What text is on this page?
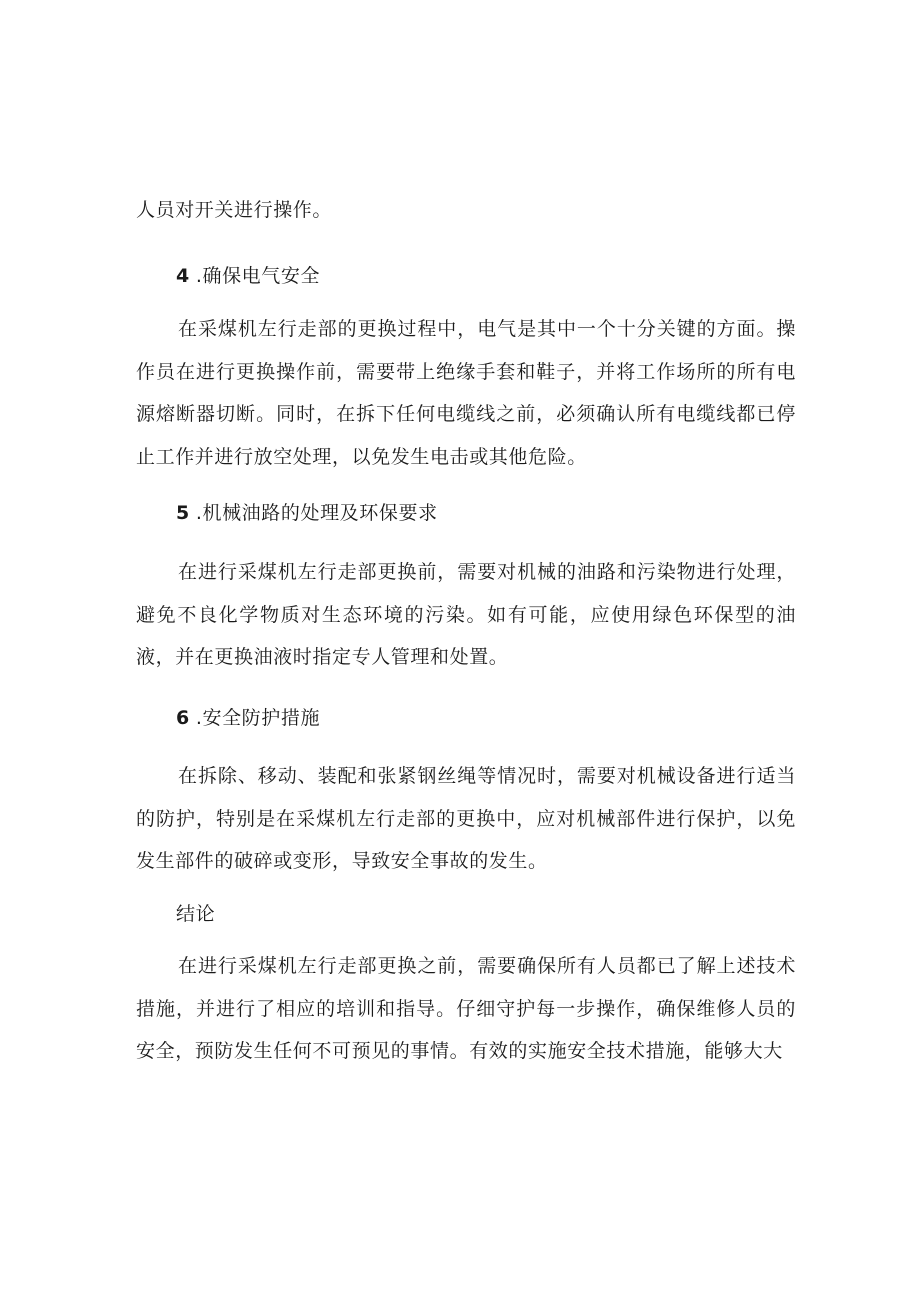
人员对开关进行操作。

4 .确保电气安全

在采煤机左行走部的更换过程中，电气是其中一个十分关键的方面。操作员在进行更换操作前，需要带上绝缘手套和鞋子，并将工作场所的所有电源熔断器切断。同时，在拆下任何电缆线之前，必须确认所有电缆线都已停止工作并进行放空处理，以免发生电击或其他危险。

5 .机械油路的处理及环保要求

在进行采煤机左行走部更换前，需要对机械的油路和污染物进行处理，避免不良化学物质对生态环境的污染。如有可能，应使用绿色环保型的油液，并在更换油液时指定专人管理和处置。

6 .安全防护措施

在拆除、移动、装配和张紧钢丝绳等情况时，需要对机械设备进行适当的防护，特别是在采煤机左行走部的更换中，应对机械部件进行保护，以免发生部件的破碎或变形，导致安全事故的发生。

结论

在进行采煤机左行走部更换之前，需要确保所有人员都已了解上述技术措施，并进行了相应的培训和指导。仔细守护每一步操作，确保维修人员的安全，预防发生任何不可预见的事情。有效的实施安全技术措施，能够大大
